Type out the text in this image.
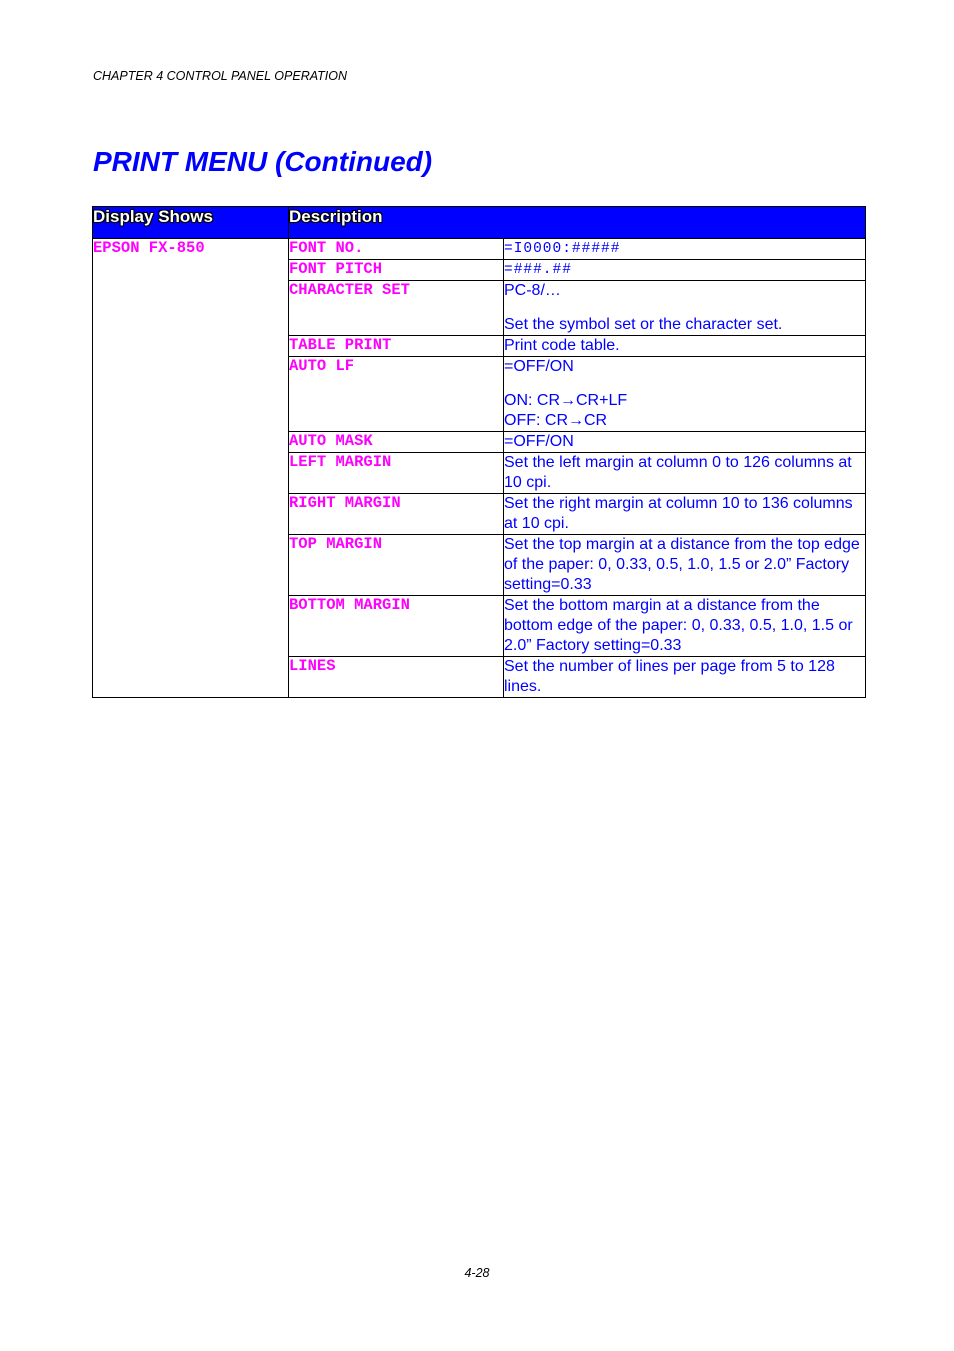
CHAPTER 4 CONTROL PANEL OPERATION
PRINT MENU (Continued)
Display Shows	Description	
EPSON FX-850	FONT NO.	=I0000:#####

	FONT PITCH	=###.##

	CHARACTER SET	PC-8/…
Set the symbol set or the character set.

	TABLE PRINT	Print code table.

	AUTO LF	=OFF/ON
ON: CR→CR+LF
OFF: CR→CR

	AUTO MASK	=OFF/ON

	LEFT MARGIN	Set the left margin at column 0 to 126 columns at 10 cpi.

	RIGHT MARGIN	Set the right margin at column 10 to 136 columns at 10 cpi.

	TOP MARGIN	Set the top margin at a distance from the top edge of the paper: 0, 0.33, 0.5, 1.0, 1.5 or 2.0” Factory setting=0.33

	BOTTOM MARGIN	Set the bottom margin at a distance from the bottom edge of the paper: 0, 0.33, 0.5, 1.0, 1.5 or 2.0” Factory setting=0.33

	LINES	Set the number of lines per page from 5 to 128 lines.
4-28
